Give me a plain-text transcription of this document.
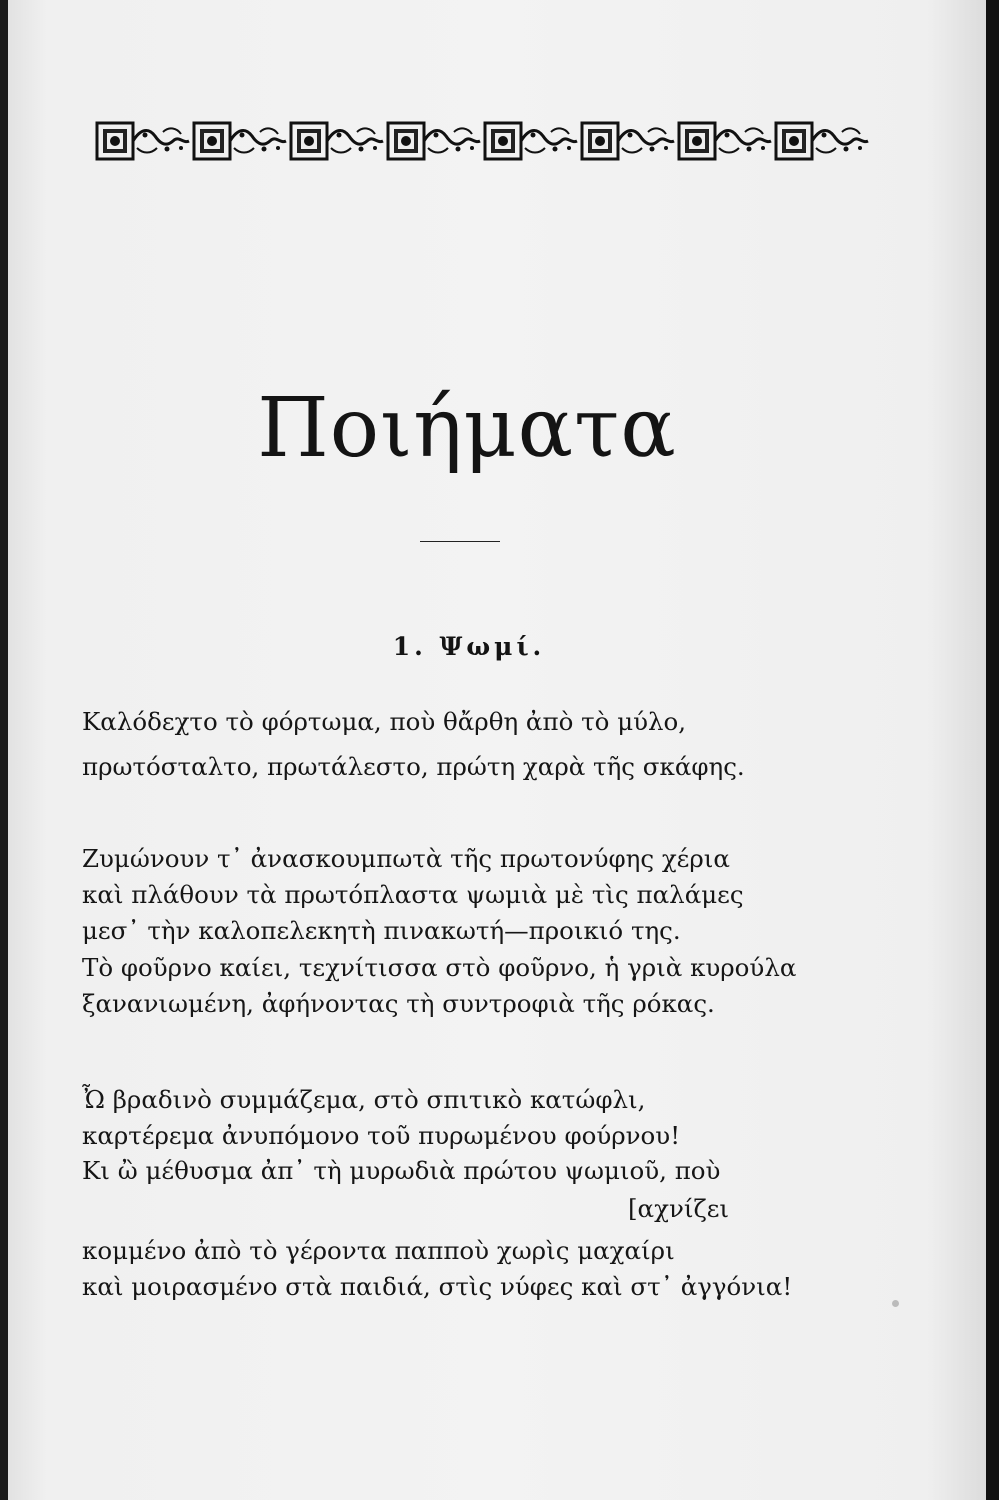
Ποιήματα
1. Ψωμί.
Καλόδεχτο τὸ φόρτωμα, ποὺ θἄρθη ἀπὸ τὸ μύλο,
πρωτόσταλτο, πρωτάλεστο, πρώτη χαρὰ τῆς σκάφης.
Ζυμώνουν τ᾿ ἀνασκουμπωτὰ τῆς πρωτονύφης χέρια
καὶ πλάθουν τὰ πρωτόπλαστα ψωμιὰ μὲ τὶς παλάμες
μεσ᾿ τὴν καλοπελεκητὴ πινακωτή—προικιό της.
Τὸ φοῦρνο καίει, τεχνίτισσα στὸ φοῦρνο, ἡ γριὰ κυρούλα
ξανανιωμένη, ἀφήνοντας τὴ συντροφιὰ τῆς ρόκας.
Ὦ βραδινὸ συμμάζεμα, στὸ σπιτικὸ κατώφλι,
καρτέρεμα ἀνυπόμονο τοῦ πυρωμένου φούρνου!
Κι ὢ μέθυσμα ἀπ᾿ τὴ μυρωδιὰ πρώτου ψωμιοῦ, ποὺ
[αχνίζει
κομμένο ἀπὸ τὸ γέροντα παπποὺ χωρὶς μαχαίρι
καὶ μοιρασμένο στὰ παιδιά, στὶς νύφες καὶ στ᾿ ἀγγόνια!
